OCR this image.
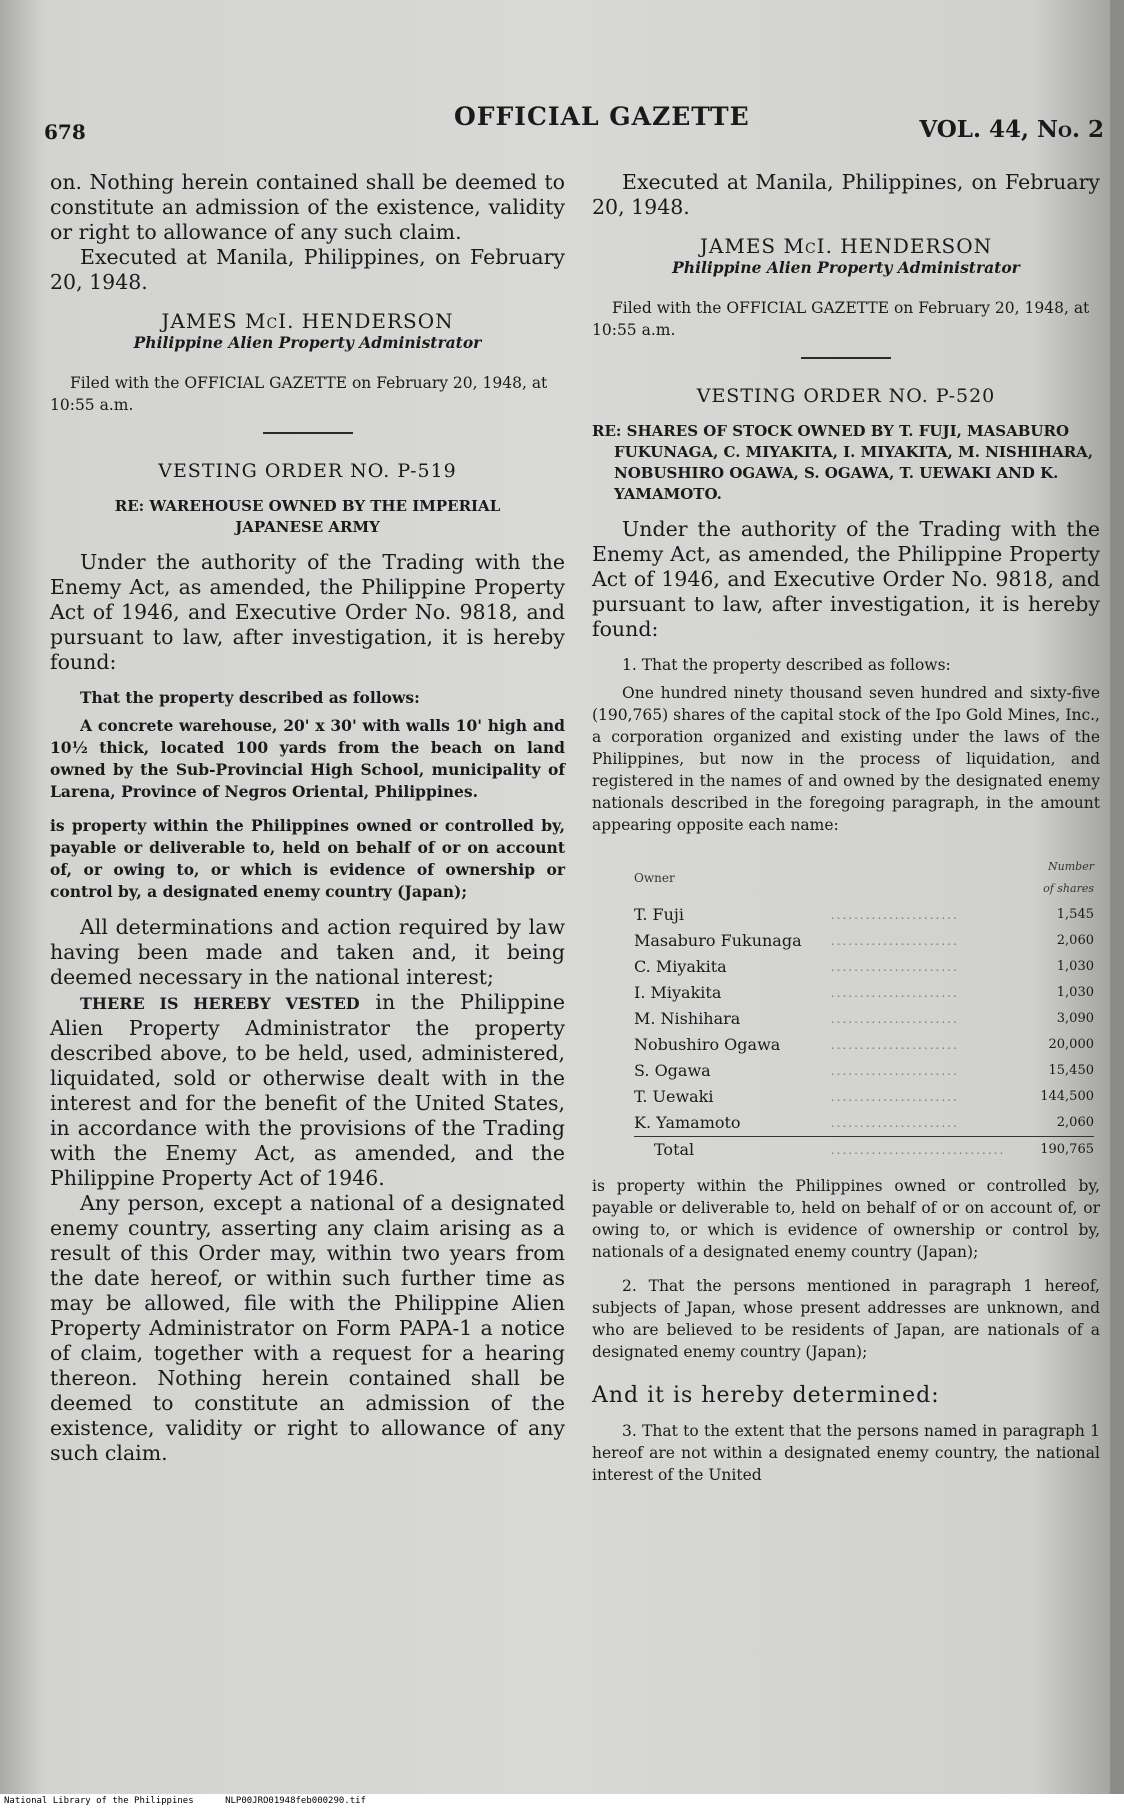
678
OFFICIAL GAZETTE	VOL. 44, No. 2

on. Nothing herein contained shall be deemed to constitute an admission of the existence, validity or right to allowance of any such claim.

Executed at Manila, Philippines, on February 20, 1948.

JAMES McI. HENDERSON
Philippine Alien Property Administrator

Filed with the OFFICIAL GAZETTE on February 20, 1948, at 10:55 a.m.

VESTING ORDER NO. P-519

RE: WAREHOUSE OWNED BY THE IMPERIAL
JAPANESE ARMY

Under the authority of the Trading with the Enemy Act, as amended, the Philippine Property Act of 1946, and Executive Order No. 9818, and pursuant to law, after investigation, it is hereby found:

That the property described as follows:

A concrete warehouse, 20' x 30' with walls 10' high and 10½ thick, located 100 yards from the beach on land owned by the Sub-Provincial High School, municipality of Larena, Province of Negros Oriental, Philippines.

is property within the Philippines owned or controlled by, payable or deliverable to, held on behalf of or on account of, or owing to, or which is evidence of ownership or control by, a designated enemy country (Japan);

All determinations and action required by law having been made and taken and, it being deemed necessary in the national interest;

THERE IS HEREBY VESTED in the Philippine Alien Property Administrator the property described above, to be held, used, administered, liquidated, sold or otherwise dealt with in the interest and for the benefit of the United States, in accordance with the provisions of the Trading with the Enemy Act, as amended, and the Philippine Property Act of 1946.

Any person, except a national of a designated enemy country, asserting any claim arising as a result of this Order may, within two years from the date hereof, or within such further time as may be allowed, file with the Philippine Alien Property Administrator on Form PAPA-1 a notice of claim, together with a request for a hearing thereon. Nothing herein contained shall be deemed to constitute an admission of the existence, validity or right to allowance of any such claim.

Executed at Manila, Philippines, on February 20, 1948.

JAMES McI. HENDERSON
Philippine Alien Property Administrator

Filed with the OFFICIAL GAZETTE on February 20, 1948, at 10:55 a.m.

VESTING ORDER NO. P-520

RE: SHARES OF STOCK OWNED BY T. FUJI, MASABURO FUKUNAGA, C. MIYAKITA, I. MIYAKITA, M. NISHIHARA, NOBUSHIRO OGAWA, S. OGAWA, T. UEWAKI AND K. YAMAMOTO.

Under the authority of the Trading with the Enemy Act, as amended, the Philippine Property Act of 1946, and Executive Order No. 9818, and pursuant to law, after investigation, it is hereby found:

1. That the property described as follows:

One hundred ninety thousand seven hundred and sixty-five (190,765) shares of the capital stock of the Ipo Gold Mines, Inc., a corporation organized and existing under the laws of the Philippines, but now in the process of liquidation, and registered in the names of and owned by the designated enemy nationals described in the foregoing paragraph, in the amount appearing opposite each name:

Owner		Number
of shares
T. Fuji	......................	1,545
Masaburo Fukunaga	......................	2,060
C. Miyakita	......................	1,030
I. Miyakita	......................	1,030
M. Nishihara	......................	3,090
Nobushiro Ogawa	......................	20,000
S. Ogawa	......................	15,450
T. Uewaki	......................	144,500
K. Yamamoto	......................	2,060
Total	..............................	190,765

is property within the Philippines owned or controlled by, payable or deliverable to, held on behalf of or on account of, or owing to, or which is evidence of ownership or control by, nationals of a designated enemy country (Japan);

2. That the persons mentioned in paragraph 1 hereof, subjects of Japan, whose present addresses are unknown, and who are believed to be residents of Japan, are nationals of a designated enemy country (Japan);

And it is hereby determined:

3. That to the extent that the persons named in paragraph 1 hereof are not within a designated enemy country, the national interest of the United

National Library of the Philippines	NLP00JRO01948feb000290.tif
